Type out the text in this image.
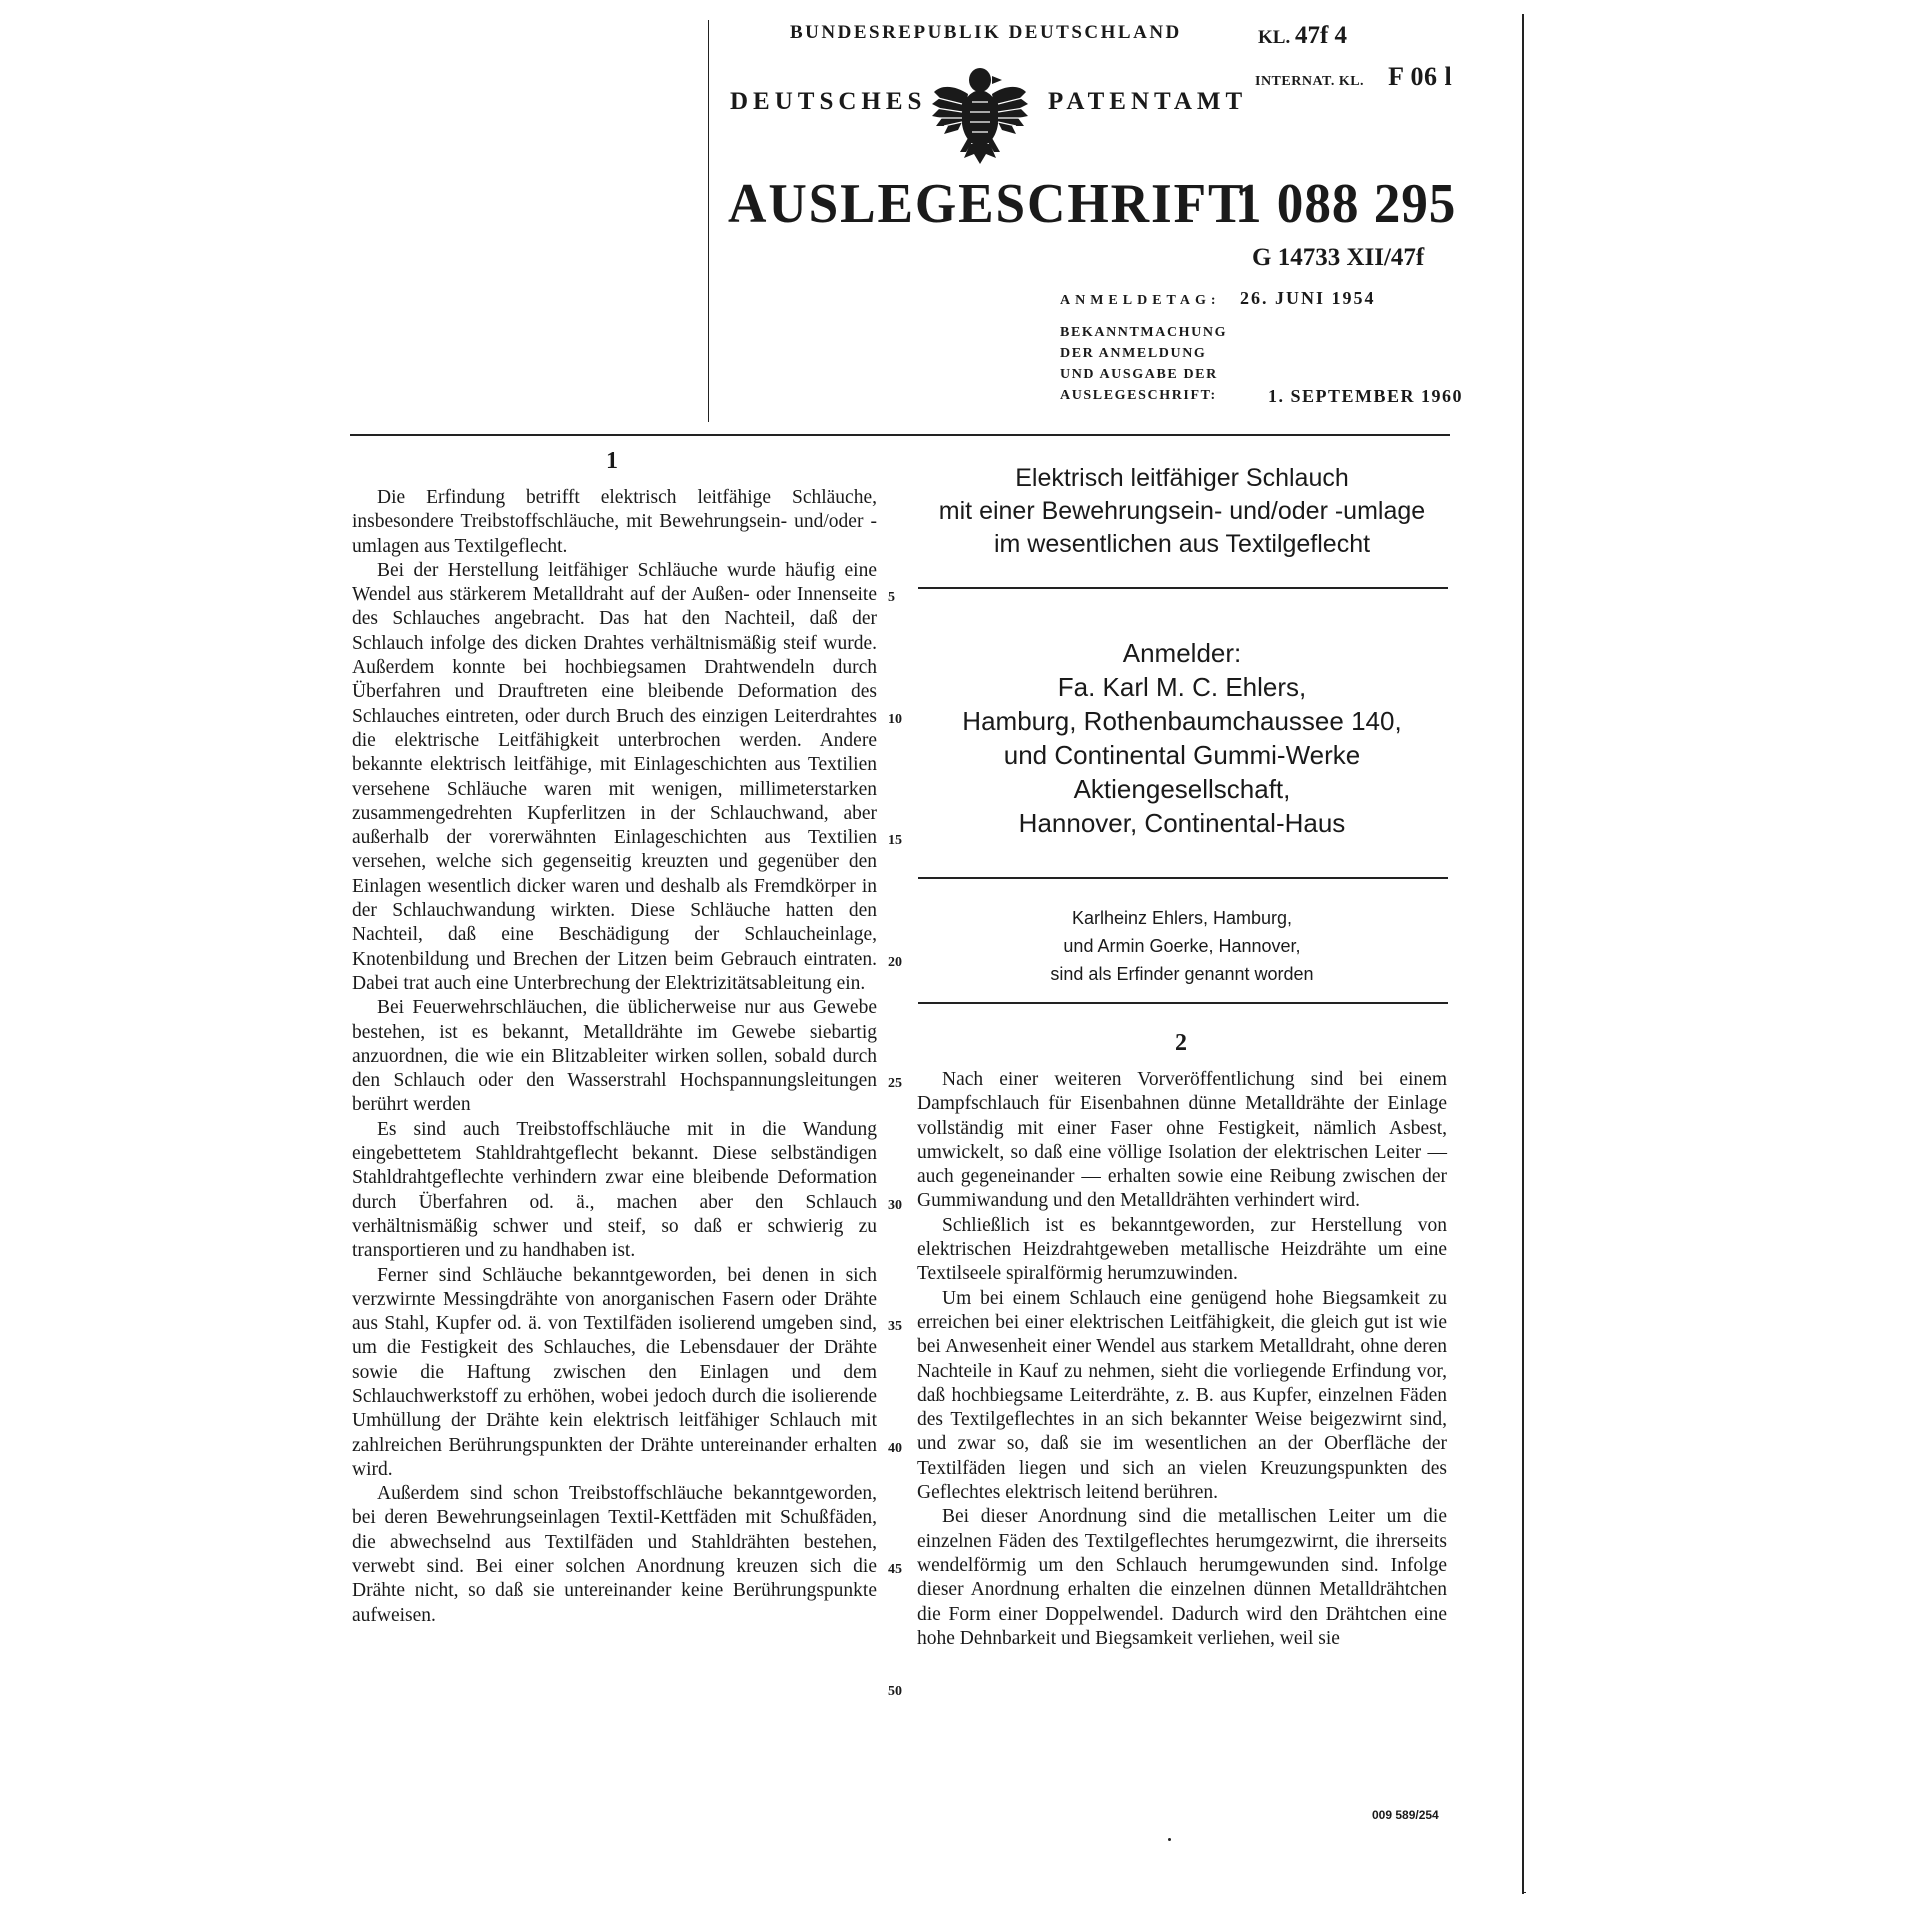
BUNDESREPUBLIK DEUTSCHLAND	KL. 47f 4
INTERNAT. KL. F 06 l
DEUTSCHES	PATENTAMT
AUSLEGESCHRIFT
1 088 295
G 14733 XII/47f
ANMELDETAG: 26. JUNI 1954
BEKANNTMACHUNG
DER ANMELDUNG
UND AUSGABE DER
AUSLEGESCHRIFT:	1. SEPTEMBER 1960
1
2

Die Erfindung betrifft elektrisch leitfähige Schläuche, insbesondere Treibstoffschläuche, mit Bewehrungsein- und/oder -umlagen aus Textilgeflecht.

Bei der Herstellung leitfähiger Schläuche wurde häufig eine Wendel aus stärkerem Metalldraht auf der Außen- oder Innenseite des Schlauches angebracht. Das hat den Nachteil, daß der Schlauch infolge des dicken Drahtes verhältnismäßig steif wurde. Außerdem konnte bei hochbiegsamen Drahtwendeln durch Überfahren und Drauftreten eine bleibende Deformation des Schlauches eintreten, oder durch Bruch des einzigen Leiterdrahtes die elektrische Leitfähigkeit unterbrochen werden. Andere bekannte elektrisch leitfähige, mit Einlageschichten aus Textilien versehene Schläuche waren mit wenigen, millimeterstarken zusammengedrehten Kupferlitzen in der Schlauchwand, aber außerhalb der vorerwähnten Einlageschichten aus Textilien versehen, welche sich gegenseitig kreuzten und gegenüber den Einlagen wesentlich dicker waren und deshalb als Fremdkörper in der Schlauchwandung wirkten. Diese Schläuche hatten den Nachteil, daß eine Beschädigung der Schlaucheinlage, Knotenbildung und Brechen der Litzen beim Gebrauch eintraten. Dabei trat auch eine Unterbrechung der Elektrizitätsableitung ein.

Bei Feuerwehrschläuchen, die üblicherweise nur aus Gewebe bestehen, ist es bekannt, Metalldrähte im Gewebe siebartig anzuordnen, die wie ein Blitzableiter wirken sollen, sobald durch den Schlauch oder den Wasserstrahl Hochspannungsleitungen berührt werden

Es sind auch Treibstoffschläuche mit in die Wandung eingebettetem Stahldrahtgeflecht bekannt. Diese selbständigen Stahldrahtgeflechte verhindern zwar eine bleibende Deformation durch Überfahren od. ä., machen aber den Schlauch verhältnismäßig schwer und steif, so daß er schwierig zu transportieren und zu handhaben ist.

Ferner sind Schläuche bekanntgeworden, bei denen in sich verzwirnte Messingdrähte von anorganischen Fasern oder Drähte aus Stahl, Kupfer od. ä. von Textilfäden isolierend umgeben sind, um die Festigkeit des Schlauches, die Lebensdauer der Drähte sowie die Haftung zwischen den Einlagen und dem Schlauchwerkstoff zu erhöhen, wobei jedoch durch die isolierende Umhüllung der Drähte kein elektrisch leitfähiger Schlauch mit zahlreichen Berührungspunkten der Drähte untereinander erhalten wird.

Außerdem sind schon Treibstoffschläuche bekanntgeworden, bei deren Bewehrungseinlagen Textil-Kettfäden mit Schußfäden, die abwechselnd aus Textilfäden und Stahldrähten bestehen, verwebt sind. Bei einer solchen Anordnung kreuzen sich die Drähte nicht, so daß sie untereinander keine Berührungspunkte aufweisen.

5
10
15
20
25
30
35
40
45
50
Elektrisch leitfähiger Schlauch
mit einer Bewehrungsein- und/oder -umlage
im wesentlichen aus Textilgeflecht
Anmelder:
Fa. Karl M. C. Ehlers,
Hamburg, Rothenbaumchaussee 140,
und Continental Gummi-Werke
Aktiengesellschaft,
Hannover, Continental-Haus
Karlheinz Ehlers, Hamburg,
und Armin Goerke, Hannover,
sind als Erfinder genannt worden

Nach einer weiteren Vorveröffentlichung sind bei einem Dampfschlauch für Eisenbahnen dünne Metalldrähte der Einlage vollständig mit einer Faser ohne Festigkeit, nämlich Asbest, umwickelt, so daß eine völlige Isolation der elektrischen Leiter — auch gegeneinander — erhalten sowie eine Reibung zwischen der Gummiwandung und den Metalldrähten verhindert wird.

Schließlich ist es bekanntgeworden, zur Herstellung von elektrischen Heizdrahtgeweben metallische Heizdrähte um eine Textilseele spiralförmig herumzuwinden.

Um bei einem Schlauch eine genügend hohe Biegsamkeit zu erreichen bei einer elektrischen Leitfähigkeit, die gleich gut ist wie bei Anwesenheit einer Wendel aus starkem Metalldraht, ohne deren Nachteile in Kauf zu nehmen, sieht die vorliegende Erfindung vor, daß hochbiegsame Leiterdrähte, z. B. aus Kupfer, einzelnen Fäden des Textilgeflechtes in an sich bekannter Weise beigezwirnt sind, und zwar so, daß sie im wesentlichen an der Oberfläche der Textilfäden liegen und sich an vielen Kreuzungspunkten des Geflechtes elektrisch leitend berühren.

Bei dieser Anordnung sind die metallischen Leiter um die einzelnen Fäden des Textilgeflechtes herumgezwirnt, die ihrerseits wendelförmig um den Schlauch herumgewunden sind. Infolge dieser Anordnung erhalten die einzelnen dünnen Metalldrähtchen die Form einer Doppelwendel. Dadurch wird den Drähtchen eine hohe Dehnbarkeit und Biegsamkeit verliehen, weil sie

009 589/254
